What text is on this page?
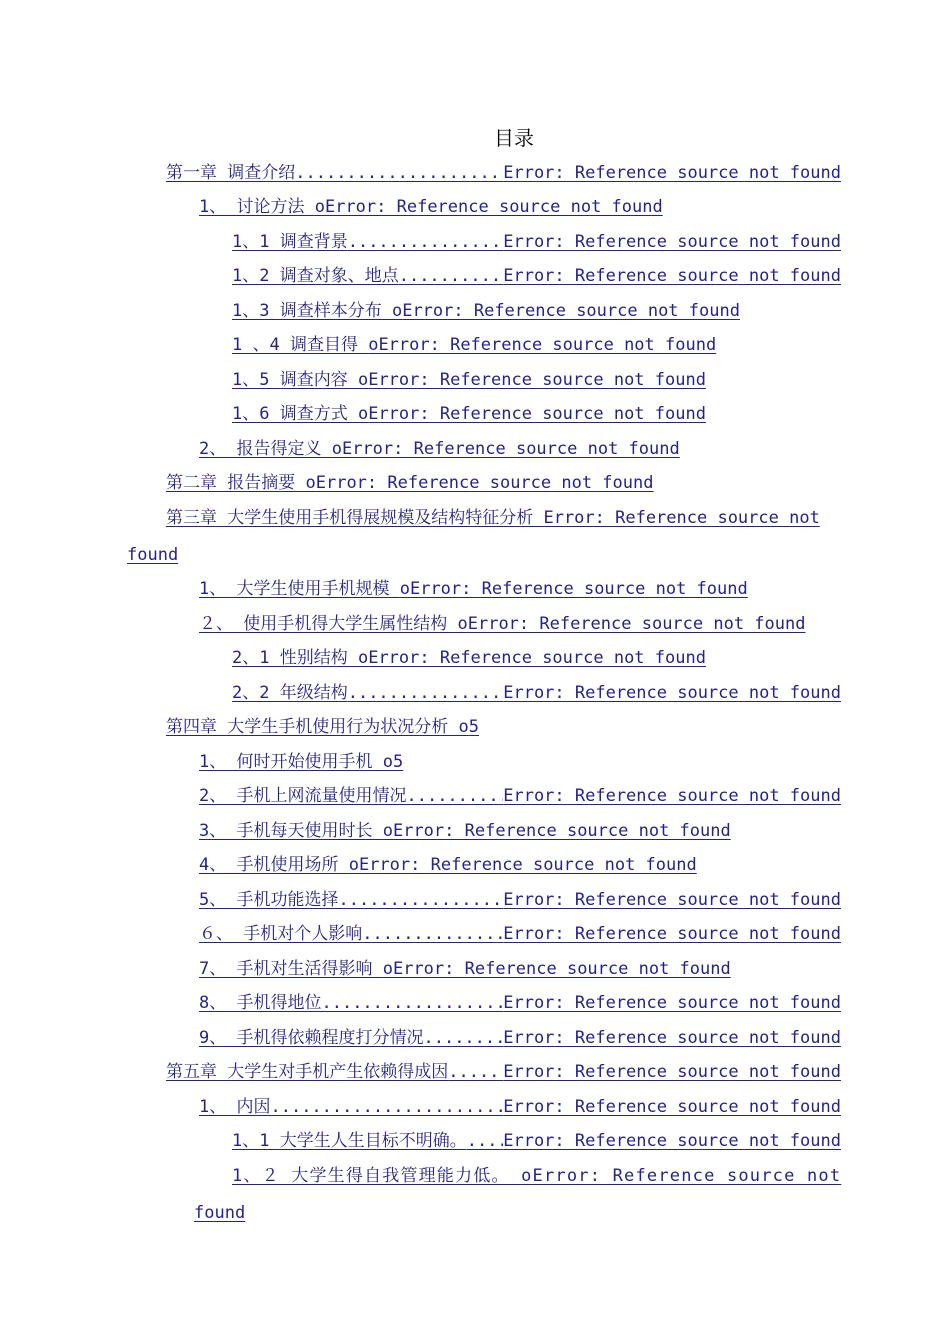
目录
第一章 调查介绍 .....	Error: Reference source not found
1、 讨论方法 oError: Reference source not found
1、1 调查背景 .....	Error: Reference source not found
1、2 调查对象、地点 .....	Error: Reference source not found
1、3 调查样本分布 oError: Reference source not found
1 、4 调查目得 oError: Reference source not found
1、5 调查内容 oError: Reference source not found
1、6 调查方式 oError: Reference source not found
2、 报告得定义 oError: Reference source not found
第二章 报告摘要 oError: Reference source not found
第三章 大学生使用手机得展规模及结构特征分析 Error: Reference source not
found
1、 大学生使用手机规模 oError: Reference source not found
２、 使用手机得大学生属性结构 oError: Reference source not found
2、1 性别结构 oError: Reference source not found
2、2 年级结构 .....	Error: Reference source not found
第四章 大学生手机使用行为状况分析 o5
1、 何时开始使用手机 o5
2、 手机上网流量使用情况 .....	Error: Reference source not found
3、 手机每天使用时长 oError: Reference source not found
4、 手机使用场所 oError: Reference source not found
5、 手机功能选择 .....	Error: Reference source not found
６、 手机对个人影响 .....	Error: Reference source not found
7、 手机对生活得影响 oError: Reference source not found
8、 手机得地位 .....	Error: Reference source not found
9、 手机得依赖程度打分情况 .....	Error: Reference source not found
第五章 大学生对手机产生依赖得成因 .....	Error: Reference source not found
1、 内因 .....	Error: Reference source not found
1、1 大学生人生目标不明确。 ..... Error: Reference source not found
1、２ 大学生得自我管理能力低。 oError: Reference source not
found
